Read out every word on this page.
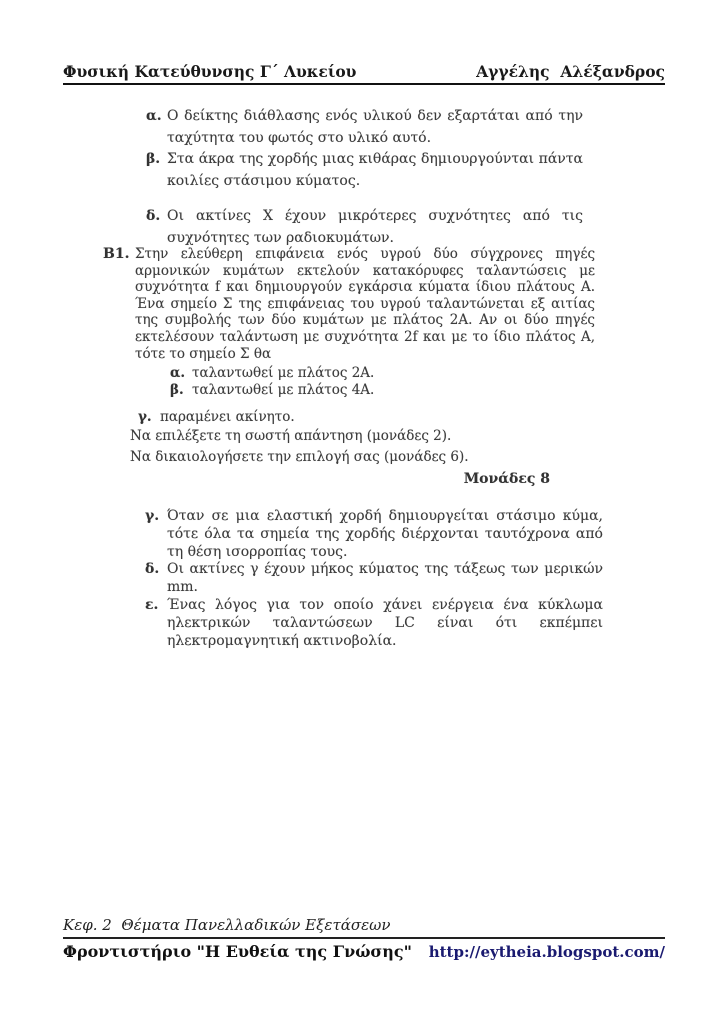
Φυσική Κατεύθυνσης Γ΄ Λυκείου	Αγγέλης  Αλέξανδρος
α. Ο δείκτης διάθλασης ενός υλικού δεν εξαρτάται από την ταχύτητα του φωτός στο υλικό αυτό.
β. Στα άκρα της χορδής μιας κιθάρας δημιουργούνται πάντα κοιλίες στάσιμου κύματος.
δ. Οι ακτίνες Χ έχουν μικρότερες συχνότητες από τις συχνότητες των ραδιοκυμάτων.
Β1. Στην ελεύθερη επιφάνεια ενός υγρού δύο σύγχρονες πηγές αρμονικών κυμάτων εκτελούν κατακόρυφες ταλαντώσεις με συχνότητα f και δημιουργούν εγκάρσια κύματα ίδιου πλάτους Α. Ένα σημείο Σ της επιφάνειας του υγρού ταλαντώνεται εξ αιτίας της συμβολής των δύο κυμάτων με πλάτος 2Α. Αν οι δύο πηγές εκτελέσουν ταλάντωση με συχνότητα 2f και με το ίδιο πλάτος Α, τότε το σημείο Σ θα
α. ταλαντωθεί με πλάτος 2Α.
β. ταλαντωθεί με πλάτος 4Α.
γ. παραμένει ακίνητο.
Να επιλέξετε τη σωστή απάντηση (μονάδες 2).
Να δικαιολογήσετε την επιλογή σας (μονάδες 6).
Μονάδες 8
γ. Όταν σε μια ελαστική χορδή δημιουργείται στάσιμο κύμα, τότε όλα τα σημεία της χορδής διέρχονται ταυτόχρονα από τη θέση ισορροπίας τους.
δ. Οι ακτίνες γ έχουν μήκος κύματος της τάξεως των μερικών mm.
ε. Ένας λόγος για τον οποίο χάνει ενέργεια ένα κύκλωμα ηλεκτρικών ταλαντώσεων LC είναι ότι εκπέμπει ηλεκτρομαγνητική ακτινοβολία.
Κεφ. 2  Θέματα Πανελλαδικών Εξετάσεων
Φροντιστήριο "Η Ευθεία της Γνώσης" http://eytheia.blogspot.com/
